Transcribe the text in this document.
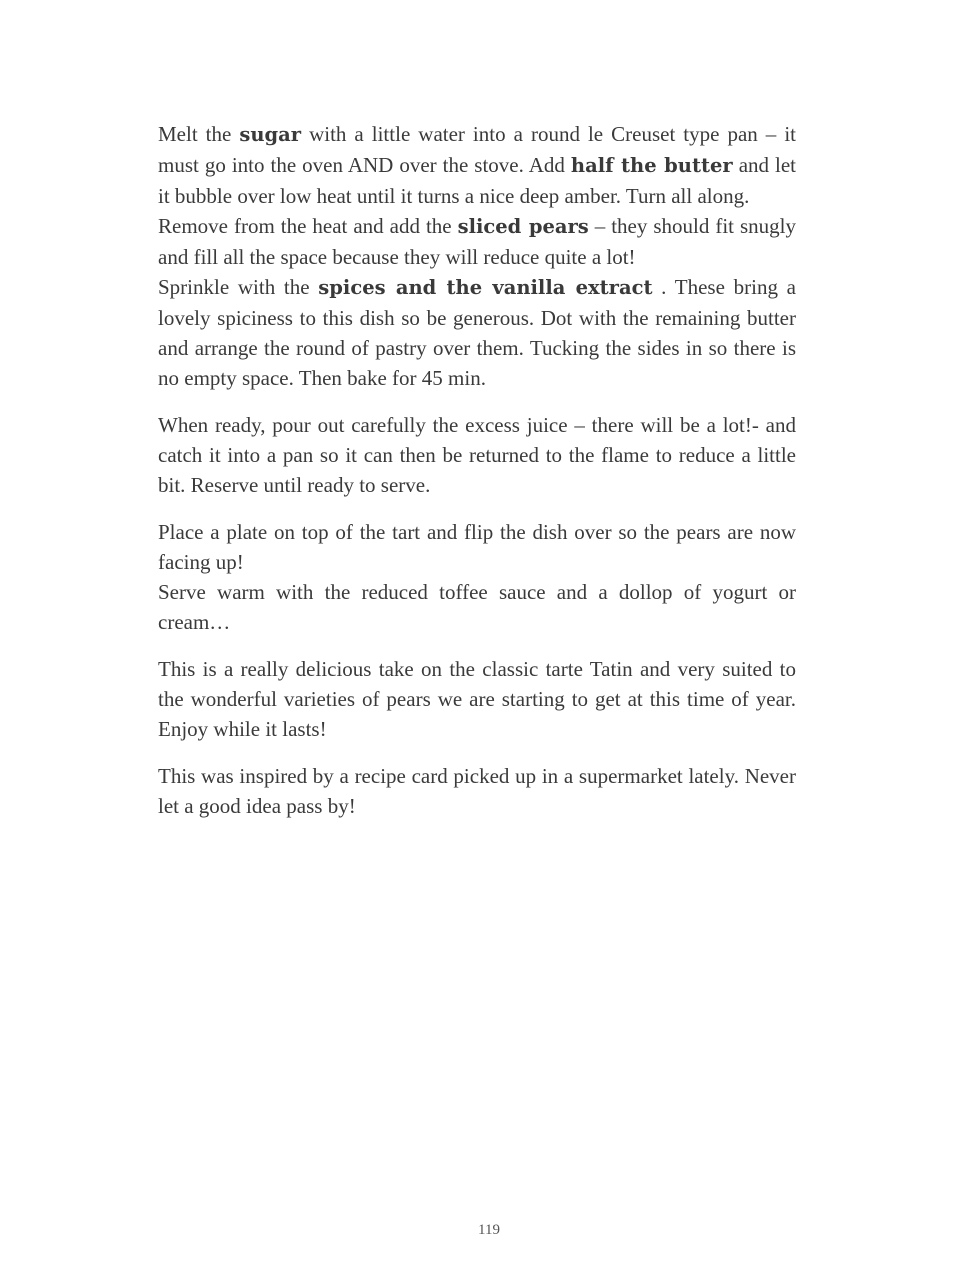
Melt the sugar with a little water into a round le Creuset type pan – it must go into the oven AND over the stove. Add half the butter and let it bubble over low heat until it turns a nice deep amber. Turn all along.

Remove from the heat and add the sliced pears – they should fit snugly and fill all the space because they will reduce quite a lot!

Sprinkle with the spices and the vanilla extract . These bring a lovely spiciness to this dish so be generous. Dot with the remaining butter and arrange the round of pastry over them. Tucking the sides in so there is no empty space. Then bake for 45 min.

When ready, pour out carefully the excess juice – there will be a lot!- and catch it into a pan so it can then be returned to the flame to reduce a little bit. Reserve until ready to serve.

Place a plate on top of the tart and flip the dish over so the pears are now facing up!

Serve warm with the reduced toffee sauce and a dollop of yogurt or cream…

This is a really delicious take on the classic tarte Tatin and very suited to the wonderful varieties of pears we are starting to get at this time of year. Enjoy while it lasts!

This was inspired by a recipe card picked up in a supermarket lately. Never let a good idea pass by!

119
